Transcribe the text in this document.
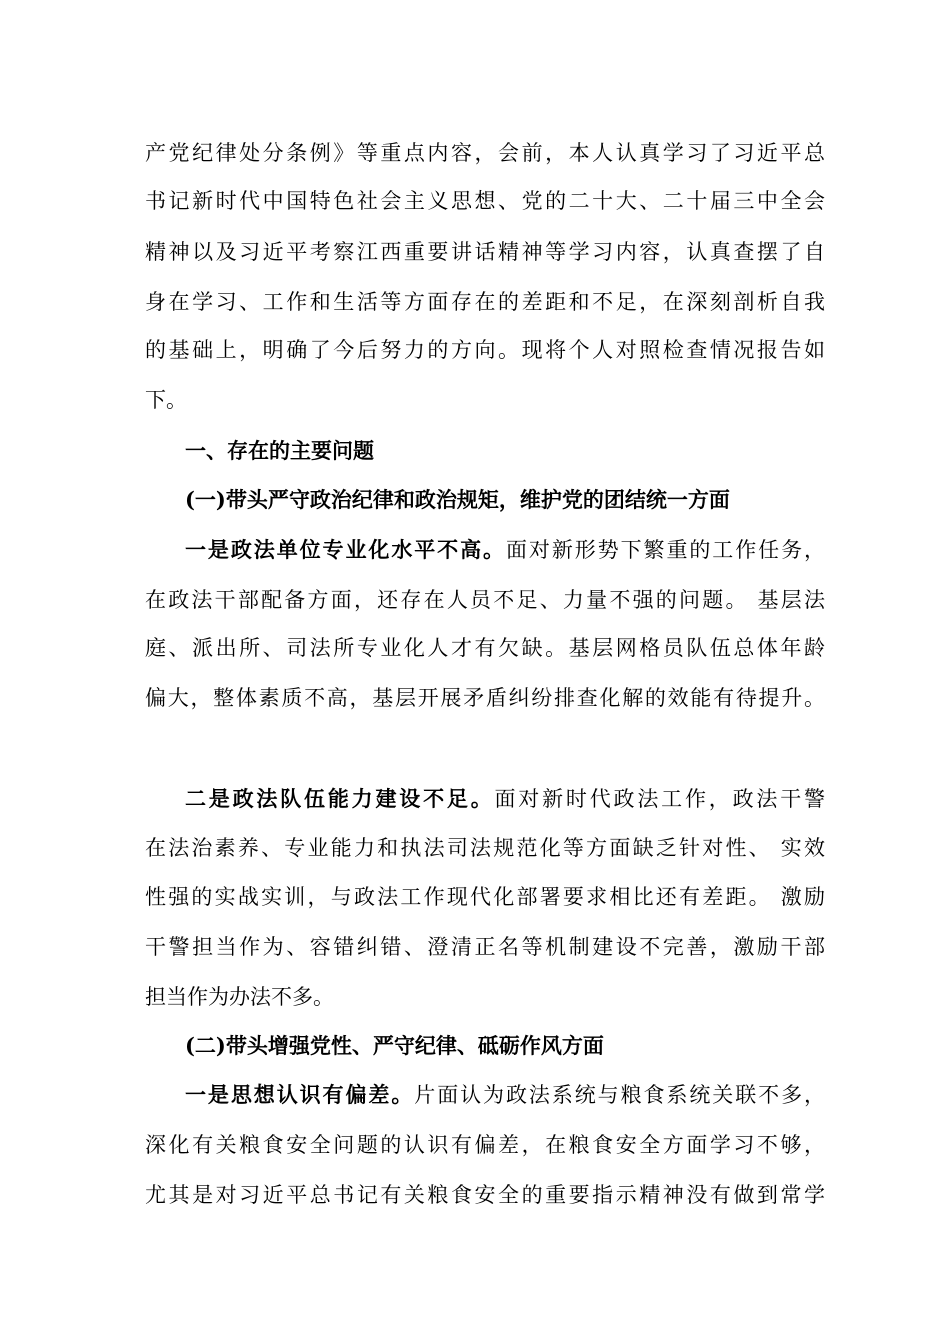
产党纪律处分条例》等重点内容，会前，本人认真学习了习近平总
书记新时代中国特色社会主义思想、党的二十大、二十届三中全会
精神以及习近平考察江西重要讲话精神等学习内容，认真查摆了自
身在学习、工作和生活等方面存在的差距和不足，在深刻剖析自我
的基础上，明确了今后努力的方向。现将个人对照检查情况报告如
下。
一、存在的主要问题
(一)带头严守政治纪律和政治规矩，维护党的团结统一方面
一是政法单位专业化水平不高。面对新形势下繁重的工作任务，
在政法干部配备方面，还存在人员不足、力量不强的问题。 基层法
庭、派出所、司法所专业化人才有欠缺。基层网格员队伍总体年龄
偏大，整体素质不高，基层开展矛盾纠纷排查化解的效能有待提升。
二是政法队伍能力建设不足。面对新时代政法工作，政法干警
在法治素养、专业能力和执法司法规范化等方面缺乏针对性、 实效
性强的实战实训，与政法工作现代化部署要求相比还有差距。 激励
干警担当作为、容错纠错、澄清正名等机制建设不完善，激励干部
担当作为办法不多。
(二)带头增强党性、严守纪律、砥砺作风方面
一是思想认识有偏差。片面认为政法系统与粮食系统关联不多，
深化有关粮食安全问题的认识有偏差，在粮食安全方面学习不够，
尤其是对习近平总书记有关粮食安全的重要指示精神没有做到常学
